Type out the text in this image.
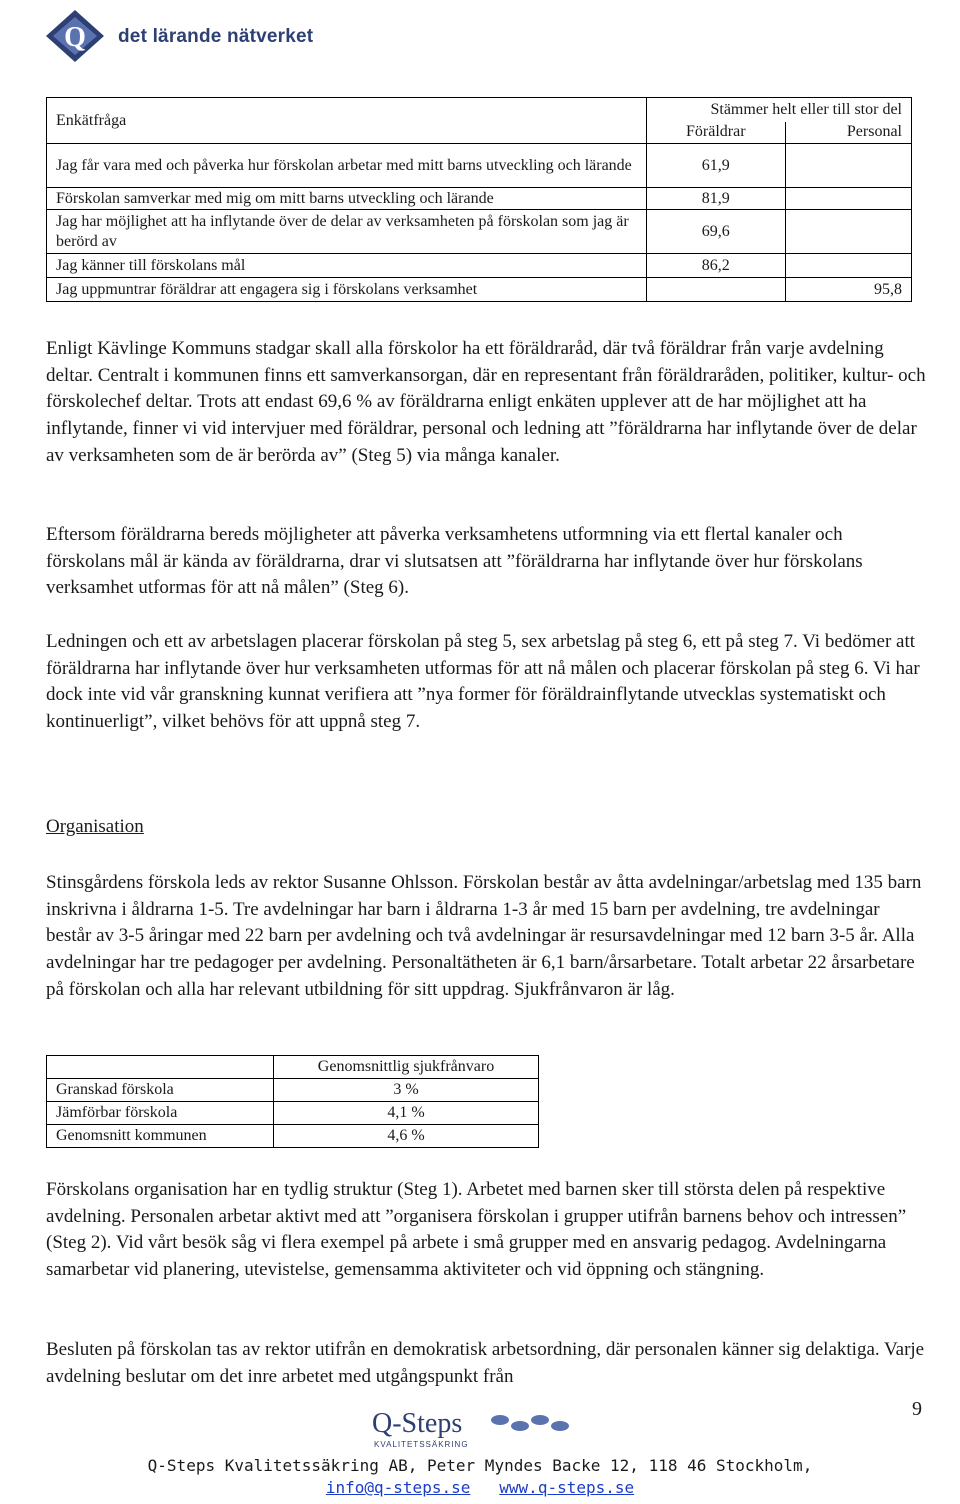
Q det lärande nätverket
Enkätfråga	Stämmer helt eller till stor del	
	Föräldrar	Personal
Jag får vara med och påverka hur förskolan arbetar med mitt barns utveckling och lärande	61,9	
Förskolan samverkar med mig om mitt barns utveckling och lärande	81,9	
Jag har möjlighet att ha inflytande över de delar av verksamheten på förskolan som jag är berörd av	69,6	
Jag känner till förskolans mål	86,2	
Jag uppmuntrar föräldrar att engagera sig i förskolans verksamhet		95,8

Enligt Kävlinge Kommuns stadgar skall alla förskolor ha ett föräldraråd, där två föräldrar från varje avdelning deltar. Centralt i kommunen finns ett samverkansorgan, där en representant från föräldraråden, politiker, kultur- och förskolechef deltar. Trots att endast 69,6 % av föräldrarna enligt enkäten upplever att de har möjlighet att ha inflytande, finner vi vid intervjuer med föräldrar, personal och ledning att ”föräldrarna har inflytande över de delar av verksamheten som de är berörda av” (Steg 5) via många kanaler.

Eftersom föräldrarna bereds möjligheter att påverka verksamhetens utformning via ett flertal kanaler och förskolans mål är kända av föräldrarna, drar vi slutsatsen att ”föräldrarna har inflytande över hur förskolans verksamhet utformas för att nå målen” (Steg 6).

Ledningen och ett av arbetslagen placerar förskolan på steg 5, sex arbetslag på steg 6, ett på steg 7. Vi bedömer att föräldrarna har inflytande över hur verksamheten utformas för att nå målen och placerar förskolan på steg 6. Vi har dock inte vid vår granskning kunnat verifiera att ”nya former för föräldrainflytande utvecklas systematiskt och kontinuerligt”, vilket behövs för att uppnå steg 7.

Organisation

Stinsgårdens förskola leds av rektor Susanne Ohlsson. Förskolan består av åtta avdelningar/arbetslag med 135 barn inskrivna i åldrarna 1-5. Tre avdelningar har barn i åldrarna 1-3 år med 15 barn per avdelning, tre avdelningar består av 3-5 åringar med 22 barn per avdelning och två avdelningar är resursavdelningar med 12 barn 3-5 år. Alla avdelningar har tre pedagoger per avdelning. Personaltätheten är 6,1 barn/årsarbetare. Totalt arbetar 22 årsarbetare på förskolan och alla har relevant utbildning för sitt uppdrag. Sjukfrånvaron är låg.

	Genomsnittlig sjukfrånvaro
Granskad förskola	3 %
Jämförbar förskola	4,1 %
Genomsnitt kommunen	4,6 %

Förskolans organisation har en tydlig struktur (Steg 1). Arbetet med barnen sker till största delen på respektive avdelning. Personalen arbetar aktivt med att ”organisera förskolan i grupper utifrån barnens behov och intressen” (Steg 2). Vid vårt besök såg vi flera exempel på arbete i små grupper med en ansvarig pedagog. Avdelningarna samarbetar vid planering, utevistelse, gemensamma aktiviteter och vid öppning och stängning.

Besluten på förskolan tas av rektor utifrån en demokratisk arbetsordning, där personalen känner sig delaktiga. Varje avdelning beslutar om det inre arbetet med utgångspunkt från

9
Q-Steps
KVALITETSSÄKRING
Q-Steps Kvalitetssäkring AB, Peter Myndes Backe 12, 118 46 Stockholm,
info@q-steps.se www.q-steps.se
